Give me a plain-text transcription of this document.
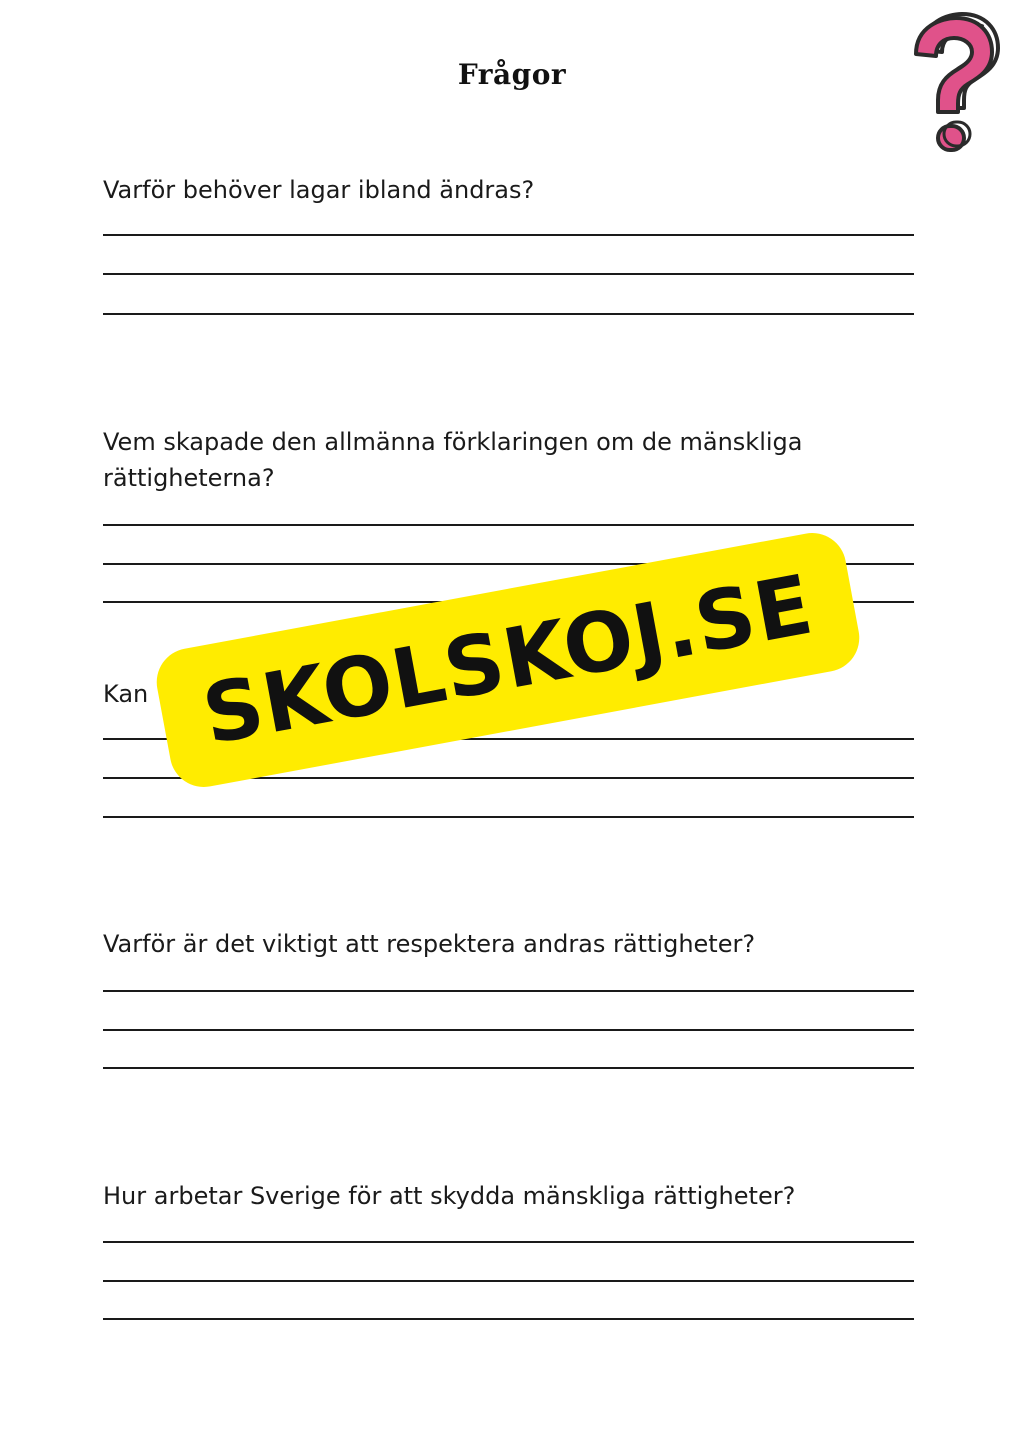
Frågor
Varför behöver lagar ibland ändras?
Vem skapade den allmänna förklaringen om de mänskliga rättigheterna?
Kan
Varför är det viktigt att respektera andras rättigheter?
Hur arbetar Sverige för att skydda mänskliga rättigheter?
SKOLSKOJ.SE
